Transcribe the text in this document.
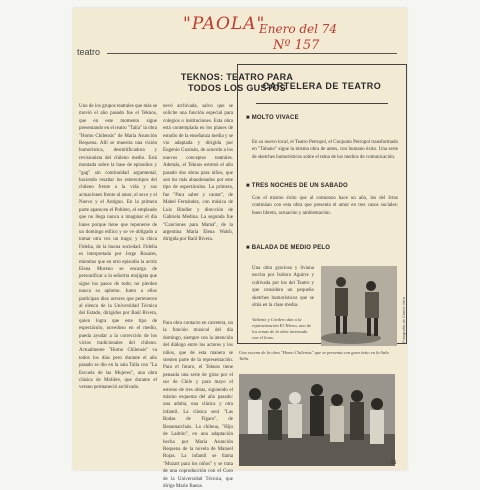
"PAOLA"
Enero del 74
Nº 157
teatro
TEKNOS: TEATRO PARA TODOS LOS GUSTOS
Uno de los grupos teatrales que más se movió el año pasado fue el Teknos, que en este momento sigue presentando en el teatro "Talía" la obra "Homo Chilensis" de María Asunción Requena. Allí se muestra una visión humorística, desmitificadora y revisionista del chileno medio. Está montada sobre la base de episodios y "gag" sin continuidad argumental, haciendo resaltar los estereotipos del chileno frente a la vida y sus actuaciones frente al amor, el sexo y el Nuevo y el Antiguo. En la primera parte aparecen el Pobleto, el empleado que no llega nunca a imaginar el día lunes porque tiene que reponerse de un domingo etílico y se ve obligado a tomar otra vez un trago; y la chica Fidelia, de la buena sociedad. Fidelia es interpretada por Jorge Rosales, mientras que en otro episodio la actriz Elena Moreno se encarga de personificar a la señorita mojigata que sigue los pasos de todo; no pierden nunca su aplomo. Junto a ellos participan diez actores que pertenecen al elenco de la Universidad Técnica del Estado, dirigidos por Raúl Rivera, quien logra que este tipo de espectáculo, novedoso en el medio, pueda ayudar a la corrección de los vicios tradicionales del chileno. Actualmente "Homo Chilensis" va todos los días pero durante el año pasado se dio en la sala Talía con "La Escuela de las Mujeres", una obra clásica de Molière, que durante el verano permaneció archivada.
nevó archivada, salvo que se solicite una función especial para colegios o instituciones. Esta obra está contemplada en los planes de estudio de la enseñanza media y se vio adaptada y dirigida por Eugenio Guzmán, de acuerdo a los nuevos conceptos teatrales. Además, el Teknos estrenó el año pasado dos obras para niños, que son los más abandonados por este tipo de espectáculos. La primera, fue "Para saber y cantar", de Mabel Fernández, con música de Luis Rindler y dirección de Gabriela Medina. La segunda fue "Canciones para Mamá", de la argentina María Elena Walsh, dirigida por Raúl Rivera.
Para obra contacto en carretera, un la función musical del día domingo, siempre con la intención del diálogo entre los actores y los niños, que de esta manera se sienten parte de la representación. Para el futuro, el Teknos tiene pensada una serie de giras por el sur de Chile y para mayo el estreno de tres obras, siguiendo el mismo esquema del año pasado: una adulta, una clásica y otra infantil. La clásica será "Las Bodas de Fígaro", de Beaumarchais. La chilena, "Hijo de Ladrón", en una adaptación hecha por María Asunción Requena de la novela de Manuel Rojas. La infantil se llama "Mozart para los niños" y se trata de una coproducción con el Coro de la Universidad Técnica, que dirige Mario Baeza.
CARTELERA DE TEATRO
■ MOLTO VIVACE
En su nuevo local, el Teatro Petropol, el Conjunto Petropol transformado en "Tabano" sigue la misma obra de antes, con humano éxito. Una serie de sketches humorísticos sobre el tema de los medios de comunicación.
■ TRES NOCHES DE UN SABADO
Con el mismo éxito que al comienzo hace un año, los del Ictus continúan con esta obra que presenta el amor en tres casos sociales: buen libreto, actuación y ambientación.
■ BALADA DE MEDIO PELO
Una obra graciosa y liviana escrita por Isidora Aguirre y cultivada por los del Teatro y que considera un pequeño sketches humorísticos que se sitúa en la clase media.
Valiente y Cordero dan a la representación El Teleno, uno de los temas de la obra inventada con el Ictus.	Fotografía de Carlos Vera
Una escena de la obra "Homo Chilensis" que se presenta con gran éxito en la Sala Talía.
21
